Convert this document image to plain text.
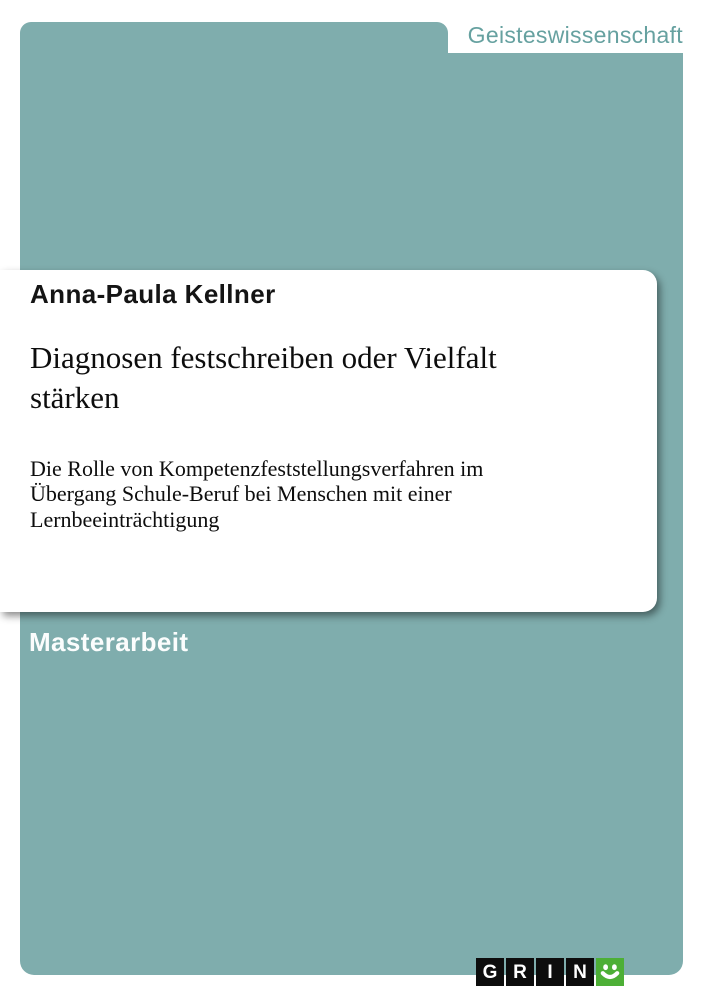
Geisteswissenschaft
Anna-Paula Kellner
Diagnosen festschreiben oder Vielfalt stärken

Die Rolle von Kompetenzfeststellungsverfahren im Übergang Schule-Beruf bei Menschen mit einer Lernbeeinträchtigung

Masterarbeit
G R	I	N
